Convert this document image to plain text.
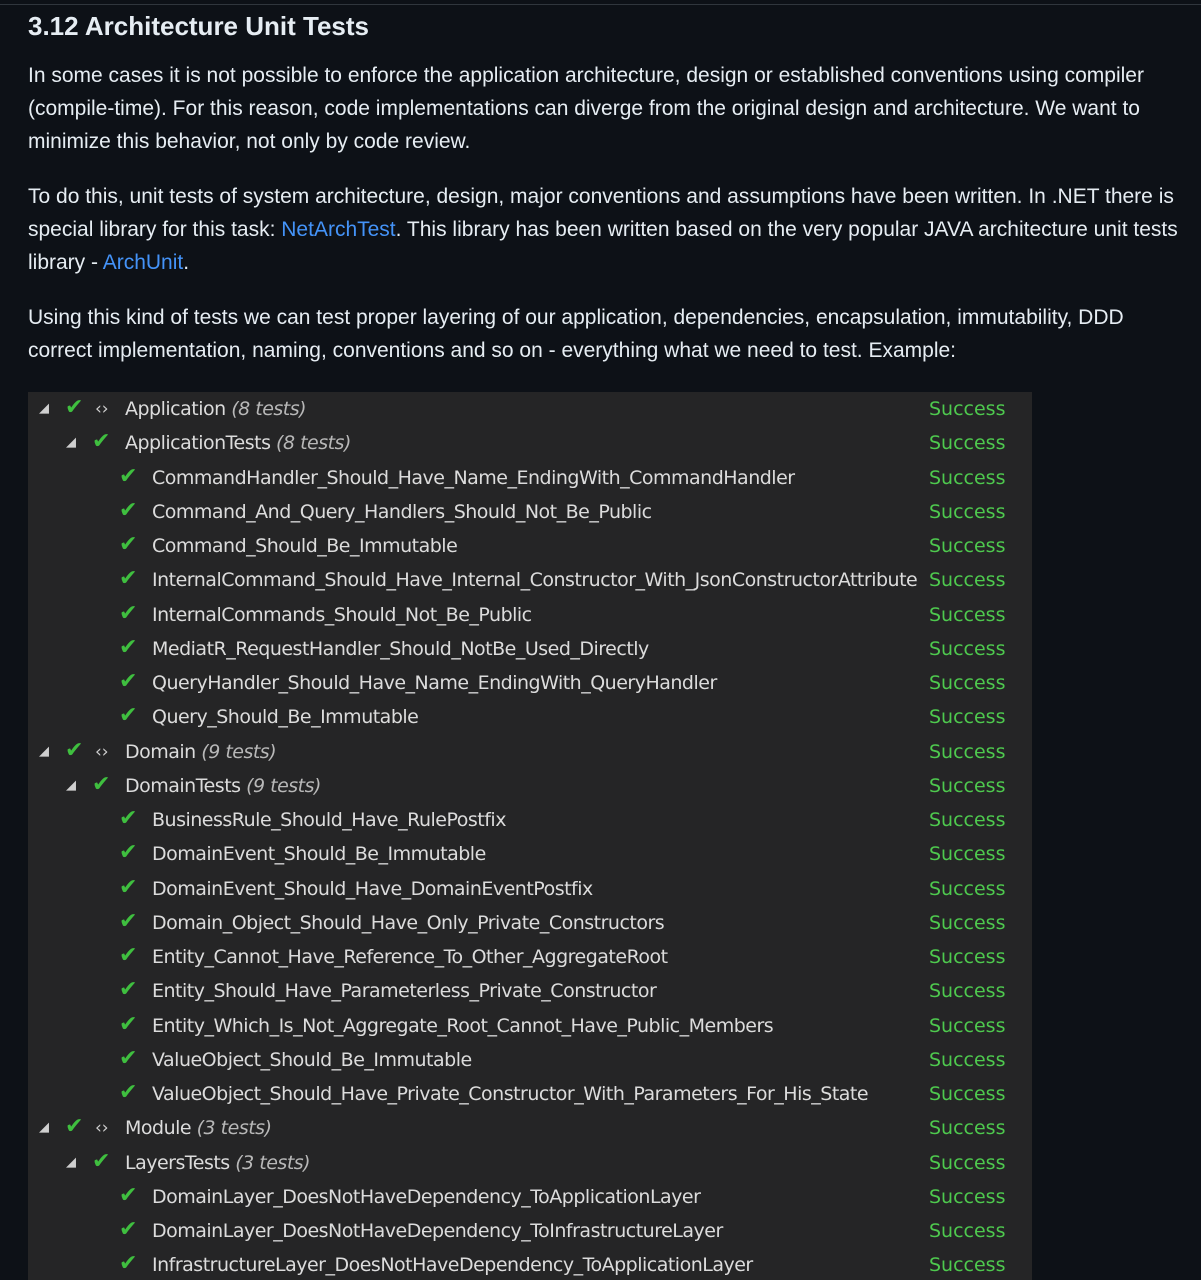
3.12 Architecture Unit Tests

In some cases it is not possible to enforce the application architecture, design or established conventions using compiler (compile-time). For this reason, code implementations can diverge from the original design and architecture. We want to minimize this behavior, not only by code review.

To do this, unit tests of system architecture, design, major conventions and assumptions have been written. In .NET there is special library for this task: NetArchTest. This library has been written based on the very popular JAVA architecture unit tests library - ArchUnit.

Using this kind of tests we can test proper layering of our application, dependencies, encapsulation, immutability, DDD correct implementation, naming, conventions and so on - everything what we need to test. Example:

◢ ✔ ‹› Application (8 tests)	Success
◢ ✔ ApplicationTests (8 tests)	Success
✔ CommandHandler_Should_Have_Name_EndingWith_CommandHandler	Success
✔ Command_And_Query_Handlers_Should_Not_Be_Public	Success
✔ Command_Should_Be_Immutable	Success
✔ InternalCommand_Should_Have_Internal_Constructor_With_JsonConstructorAttribute Success
✔ InternalCommands_Should_Not_Be_Public	Success
✔ MediatR_RequestHandler_Should_NotBe_Used_Directly	Success
✔ QueryHandler_Should_Have_Name_EndingWith_QueryHandler	Success
✔ Query_Should_Be_Immutable	Success
◢ ✔ ‹› Domain (9 tests)	Success
◢ ✔ DomainTests (9 tests)	Success
✔ BusinessRule_Should_Have_RulePostfix	Success
✔ DomainEvent_Should_Be_Immutable	Success
✔ DomainEvent_Should_Have_DomainEventPostfix	Success
✔ Domain_Object_Should_Have_Only_Private_Constructors	Success
✔ Entity_Cannot_Have_Reference_To_Other_AggregateRoot	Success
✔ Entity_Should_Have_Parameterless_Private_Constructor	Success
✔ Entity_Which_Is_Not_Aggregate_Root_Cannot_Have_Public_Members	Success
✔ ValueObject_Should_Be_Immutable	Success
✔ ValueObject_Should_Have_Private_Constructor_With_Parameters_For_His_State	Success
◢ ✔ ‹› Module (3 tests)	Success
◢ ✔ LayersTests (3 tests)	Success
✔ DomainLayer_DoesNotHaveDependency_ToApplicationLayer	Success
✔ DomainLayer_DoesNotHaveDependency_ToInfrastructureLayer	Success
✔ InfrastructureLayer_DoesNotHaveDependency_ToApplicationLayer	Success
